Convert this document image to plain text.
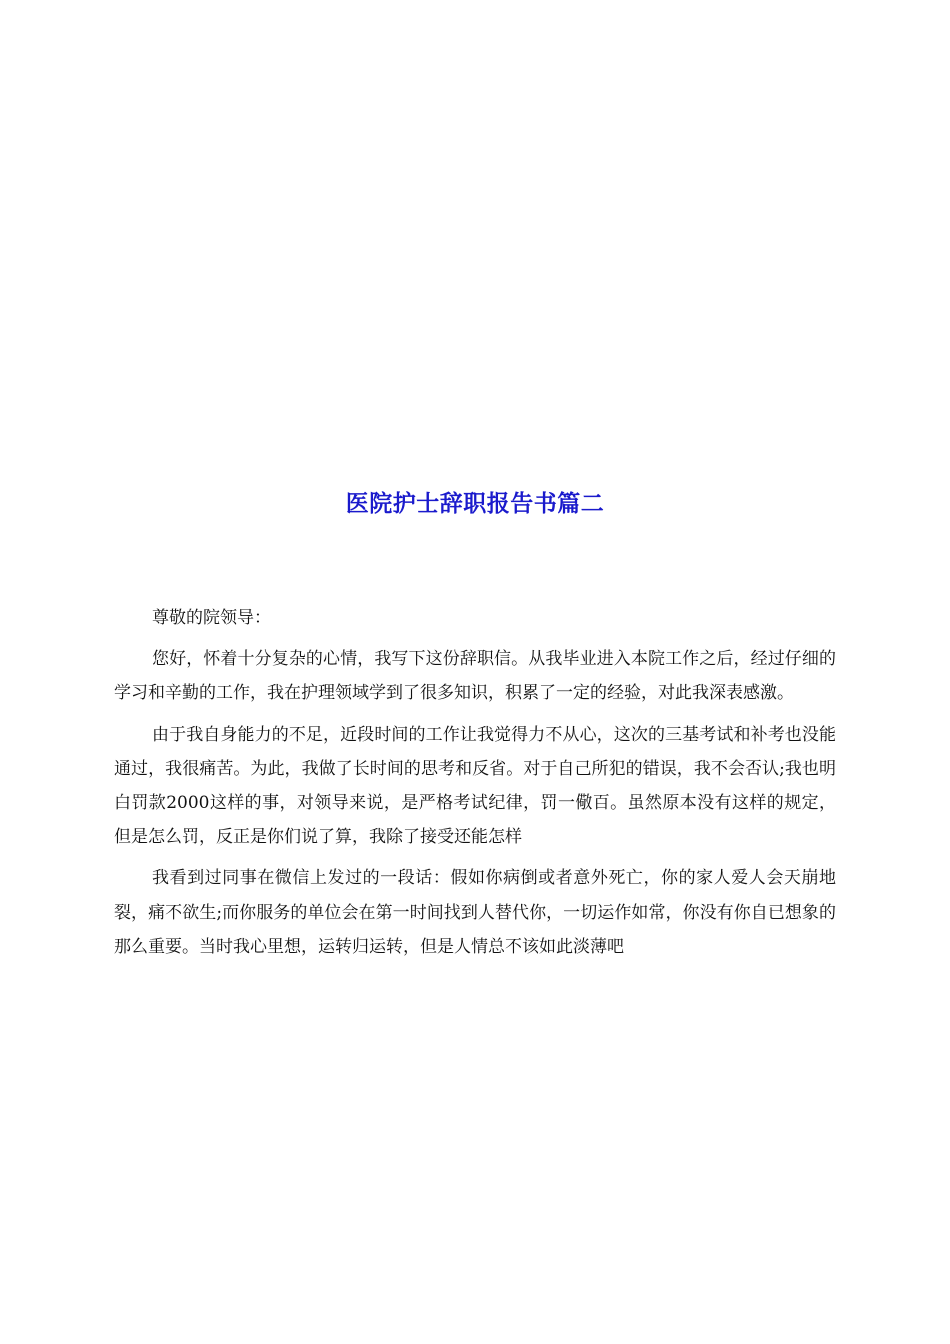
医院护士辞职报告书篇二

尊敬的院领导：

您好，怀着十分复杂的心情，我写下这份辞职信。从我毕业进入本院工作之后，经过仔细的学习和辛勤的工作，我在护理领域学到了很多知识，积累了一定的经验，对此我深表感激。

由于我自身能力的不足，近段时间的工作让我觉得力不从心，这次的三基考试和补考也没能通过，我很痛苦。为此，我做了长时间的思考和反省。对于自己所犯的错误，我不会否认;我也明白罚款2000这样的事，对领导来说，是严格考试纪律，罚一儆百。虽然原本没有这样的规定，但是怎么罚，反正是你们说了算，我除了接受还能怎样

我看到过同事在微信上发过的一段话：假如你病倒或者意外死亡，你的家人爱人会天崩地裂，痛不欲生;而你服务的单位会在第一时间找到人替代你，一切运作如常，你没有你自已想象的那么重要。当时我心里想，运转归运转，但是人情总不该如此淡薄吧
